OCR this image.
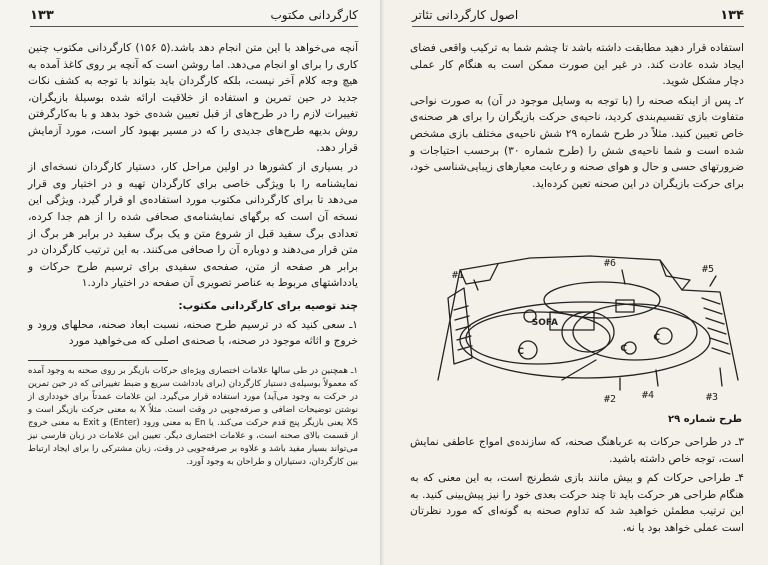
کارگردانی مکتوب
۱۳۳

آنچه می‌خواهد با این متن انجام دهد باشد.(۵ ۱۵۶) کارگردانی مکتوب چنین کاری را برای او انجام می‌دهد. اما روشن است که آنچه بر روی کاغذ آمده به هیچ وجه کلام آخر نیست، بلکه کارگردان باید بتواند با توجه به کشف نکات جدید در حین تمرین و استفاده از خلاقیت ارائه شده بوسیلهٔ بازیگران، تغییرات لازم را در طرح‌های از قبل تعیین شده‌ی خود بدهد و با به‌کارگرفتن روش بدیهه طرح‌های جدیدی را که در مسیر بهبود کار است، مورد آزمایش قرار دهد.

در بسیاری از کشورها در اولین مراحل کار، دستیار کارگردان نسخه‌ای از نمایشنامه را با ویژگی خاصی برای کارگردان تهیه و در اختیار وی قرار می‌دهد تا برای کارگردانی مکتوب مورد استفاده‌ی او قرار گیرد. ویژگی این نسخه آن است که برگهای نمایشنامه‌ی صحافی شده را از هم جدا کرده، تعدادی برگ سفید قبل از شروع متن و یک برگ سفید در برابر هر برگ از متن قرار می‌دهند و دوباره آن را صحافی می‌کنند. به این ترتیب کارگردان در برابر هر صفحه از متن، صفحه‌ی سفیدی برای ترسیم طرح حرکات و یادداشتهای مربوط به عناصر تصویری آن صفحه در اختیار دارد.۱

چند توصیه برای کارگردانی مکتوب:

۱ـ سعی کنید که در ترسیم طرح صحنه، نسبت ابعاد صحنه، محلهای ورود و خروج و اثاثه موجود در صحنه، با صحنه‌ی اصلی که می‌خواهید مورد

۱ـ همچنین در طی سالها علامات اختصاری ویژه‌ای حرکات بازیگر بر روی صحنه به وجود آمده که معمولاً بوسیله‌ی دستیار کارگردان (برای یادداشت سریع و ضبط تغییراتی که در حین تمرین در حرکت به وجود می‌آید) مورد استفاده قرار می‌گیرد. این علامات عمدتاً برای خودداری از نوشتن توضیحات اضافی و صرفه‌جویی در وقت است. مثلاً X به معنی حرکت بازیگر است و XS یعنی بازیگر پنج قدم حرکت می‌کند. یا En به معنی ورود (Enter) و Exit به معنی خروج از قسمت بالای صحنه است، و علامات اختصاری دیگر. تعیین این علامات در زبان فارسی نیز می‌تواند بسیار مفید باشد و علاوه بر صرفه‌جویی در وقت، زبان مشترکی را برای ایجاد ارتباط بین کارگردان، دستیاران و طراحان به وجود آورد.

۱۳۴
اصول کارگردانی تئاتر

استفاده قرار دهید مطابقت داشته باشد تا چشم شما به ترکیب واقعی فضای ایجاد شده عادت کند. در غیر این صورت ممکن است به هنگام کار عملی دچار مشکل شوید.

۲ـ پس از اینکه صحنه را (با توجه به وسایل موجود در آن) به صورت نواحی متفاوت بازی تقسیم‌بندی کردید، ناحیه‌ی حرکت بازیگران را برای هر صحنه‌ی خاص تعیین کنید. مثلاً در طرح شماره ۲۹ شش ناحیه‌ی مختلف بازی مشخص شده است و شما ناحیه‌ی شش را (طرح شماره ۳۰) برحسب احتیاجات و ضرورتهای حسی و حال و هوای صحنه و رعایت معیارهای زیبایی‌شناسی خود، برای حرکت بازیگران در این صحنه تعین کرده‌اید.

#1
#2	#3
#4
#5
#6
SOFA
C
C
C
طرح شماره ۲۹

۳ـ در طراحی حرکات به عرباهنگ صحنه، که سازنده‌ی امواج عاطفی نمایش است، توجه خاص داشته باشید.

۴ـ طراحی حرکات کم و بیش مانند بازی شطرنج است، به این معنی که به هنگام طراحی هر حرکت باید تا چند حرکت بعدی خود را نیز پیش‌بینی کنید. به این ترتیب مطمئن خواهید شد که تداوم صحنه به گونه‌ای که مورد نظرتان است عملی خواهد بود یا نه.
